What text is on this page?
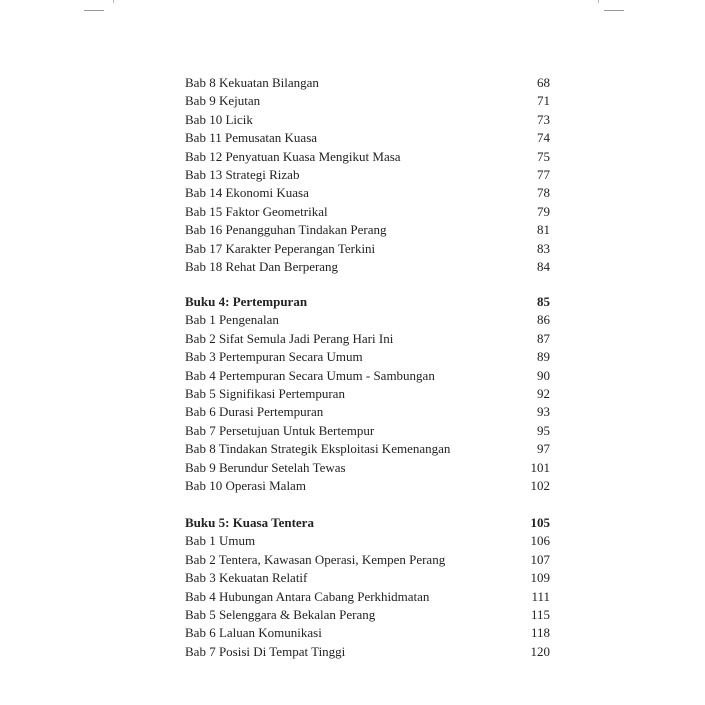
Bab 8 Kekuatan Bilangan	68
Bab 9 Kejutan	71
Bab 10 Licik	73
Bab 11 Pemusatan Kuasa	74
Bab 12 Penyatuan Kuasa Mengikut Masa	75
Bab 13 Strategi Rizab	77
Bab 14 Ekonomi Kuasa	78
Bab 15 Faktor Geometrikal	79
Bab 16 Penangguhan Tindakan Perang	81
Bab 17 Karakter Peperangan Terkini	83
Bab 18 Rehat Dan Berperang	84
Buku 4: Pertempuran	85
Bab 1 Pengenalan	86
Bab 2 Sifat Semula Jadi Perang Hari Ini	87
Bab 3 Pertempuran Secara Umum	89
Bab 4 Pertempuran Secara Umum - Sambungan	90
Bab 5 Signifikasi Pertempuran	92
Bab 6 Durasi Pertempuran	93
Bab 7 Persetujuan Untuk Bertempur	95
Bab 8 Tindakan Strategik Eksploitasi Kemenangan	97
Bab 9 Berundur Setelah Tewas	101
Bab 10 Operasi Malam	102
Buku 5: Kuasa Tentera	105
Bab 1 Umum	106
Bab 2 Tentera, Kawasan Operasi, Kempen Perang	107
Bab 3 Kekuatan Relatif	109
Bab 4 Hubungan Antara Cabang Perkhidmatan	111
Bab 5 Selenggara & Bekalan Perang	115
Bab 6 Laluan Komunikasi	118
Bab 7 Posisi Di Tempat Tinggi	120
